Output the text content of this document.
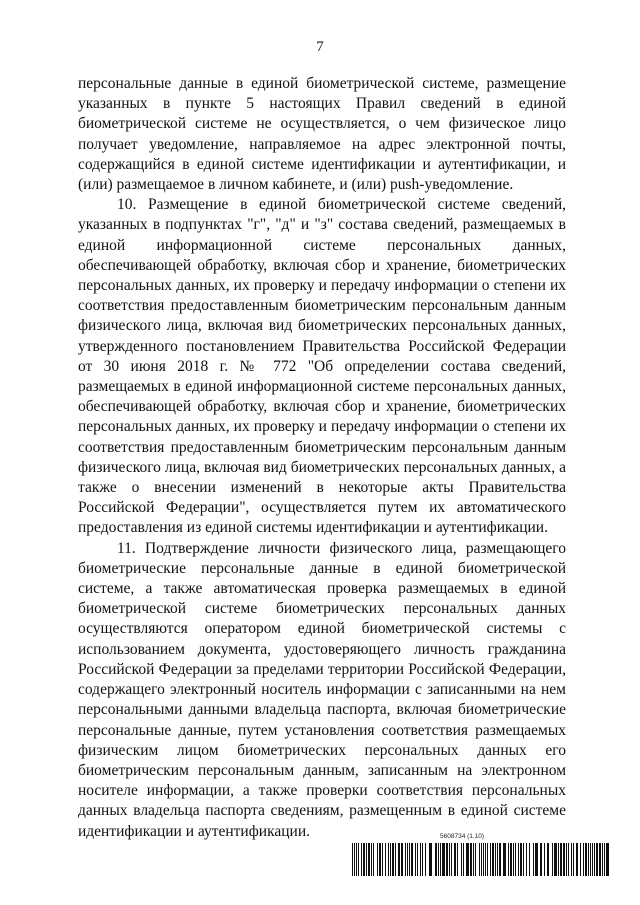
7

персональные данные в единой биометрической системе, размещение указанных в пункте 5 настоящих Правил сведений в единой биометрической системе не осуществляется, о чем физическое лицо получает уведомление, направляемое на адрес электронной почты, содержащийся в единой системе идентификации и аутентификации, и (или) размещаемое в личном кабинете, и (или) push-уведомление.

10. Размещение в единой биометрической системе сведений, указанных в подпунктах "г", "д" и "з" состава сведений, размещаемых в единой информационной системе персональных данных, обеспечивающей обработку, включая сбор и хранение, биометрических персональных данных, их проверку и передачу информации о степени их соответствия предоставленным биометрическим персональным данным физического лица, включая вид биометрических персональных данных, утвержденного постановлением Правительства Российской Федерации от 30 июня 2018 г. № 772 "Об определении состава сведений, размещаемых в единой информационной системе персональных данных, обеспечивающей обработку, включая сбор и хранение, биометрических персональных данных, их проверку и передачу информации о степени их соответствия предоставленным биометрическим персональным данным физического лица, включая вид биометрических персональных данных, а также о внесении изменений в некоторые акты Правительства Российской Федерации", осуществляется путем их автоматического предоставления из единой системы идентификации и аутентификации.

11. Подтверждение личности физического лица, размещающего биометрические персональные данные в единой биометрической системе, а также автоматическая проверка размещаемых в единой биометрической системе биометрических персональных данных осуществляются оператором единой биометрической системы с использованием документа, удостоверяющего личность гражданина Российской Федерации за пределами территории Российской Федерации, содержащего электронный носитель информации с записанными на нем персональными данными владельца паспорта, включая биометрические персональные данные, путем установления соответствия размещаемых физическим лицом биометрических персональных данных его биометрическим персональным данным, записанным на электронном носителе информации, а также проверки соответствия персональных данных владельца паспорта сведениям, размещенным в единой системе идентификации и аутентификации.	5608734 (1.10)
